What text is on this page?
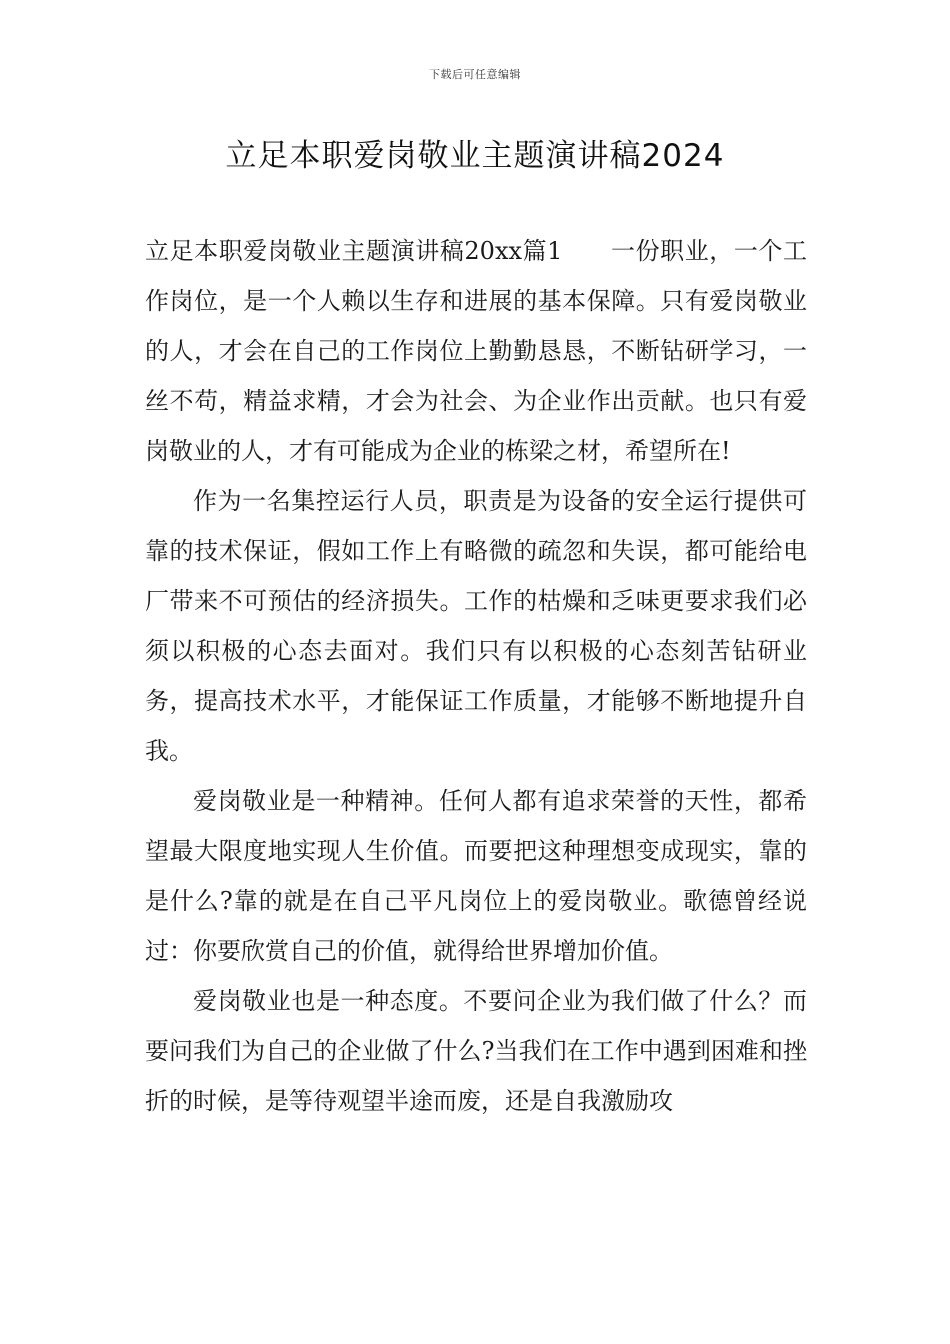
下载后可任意编辑
立足本职爱岗敬业主题演讲稿2024

立足本职爱岗敬业主题演讲稿20xx篇1 一份职业，一个工作岗位，是一个人赖以生存和进展的基本保障。只有爱岗敬业的人，才会在自己的工作岗位上勤勤恳恳，不断钻研学习，一丝不苟，精益求精，才会为社会、为企业作出贡献。也只有爱岗敬业的人，才有可能成为企业的栋梁之材，希望所在!

作为一名集控运行人员，职责是为设备的安全运行提供可靠的技术保证，假如工作上有略微的疏忽和失误，都可能给电厂带来不可预估的经济损失。工作的枯燥和乏味更要求我们必须以积极的心态去面对。我们只有以积极的心态刻苦钻研业务，提高技术水平，才能保证工作质量，才能够不断地提升自我。

爱岗敬业是一种精神。任何人都有追求荣誉的天性，都希望最大限度地实现人生价值。而要把这种理想变成现实，靠的是什么?靠的就是在自己平凡岗位上的爱岗敬业。歌德曾经说过：你要欣赏自己的价值，就得给世界增加价值。

爱岗敬业也是一种态度。不要问企业为我们做了什么？而要问我们为自己的企业做了什么?当我们在工作中遇到困难和挫折的时候，是等待观望半途而废，还是自我激励攻
